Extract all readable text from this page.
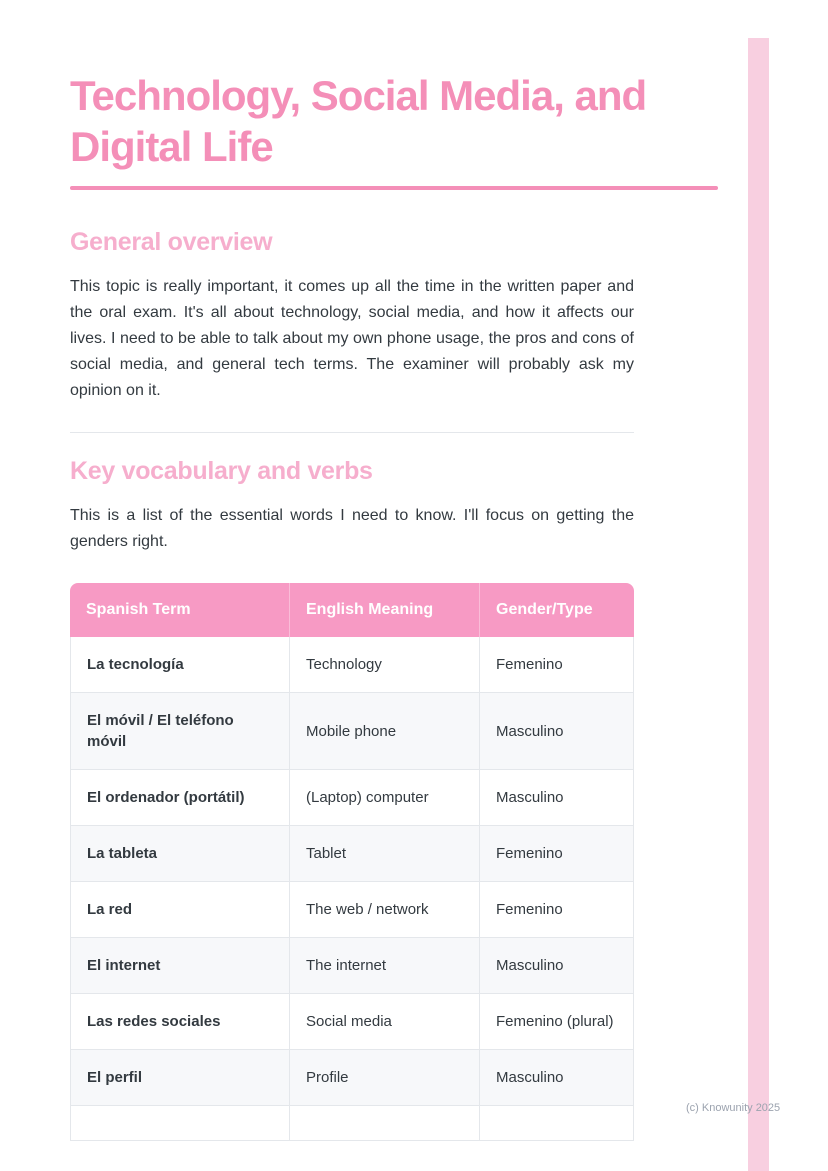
Technology, Social Media, and Digital Life
General overview

This topic is really important, it comes up all the time in the written paper and the oral exam. It's all about technology, social media, and how it affects our lives. I need to be able to talk about my own phone usage, the pros and cons of social media, and general tech terms. The examiner will probably ask my opinion on it.

Key vocabulary and verbs

This is a list of the essential words I need to know. I'll focus on getting the genders right.

Spanish Term	English Meaning	Gender/Type
La tecnología	Technology	Femenino
El móvil / El teléfono móvil	Mobile phone	Masculino
El ordenador (portátil)	(Laptop) computer	Masculino
La tableta	Tablet	Femenino
La red	The web / network	Femenino
El internet	The internet	Masculino
Las redes sociales	Social media	Femenino (plural)
El perfil	Profile	Masculino

(c) Knowunity 2025
